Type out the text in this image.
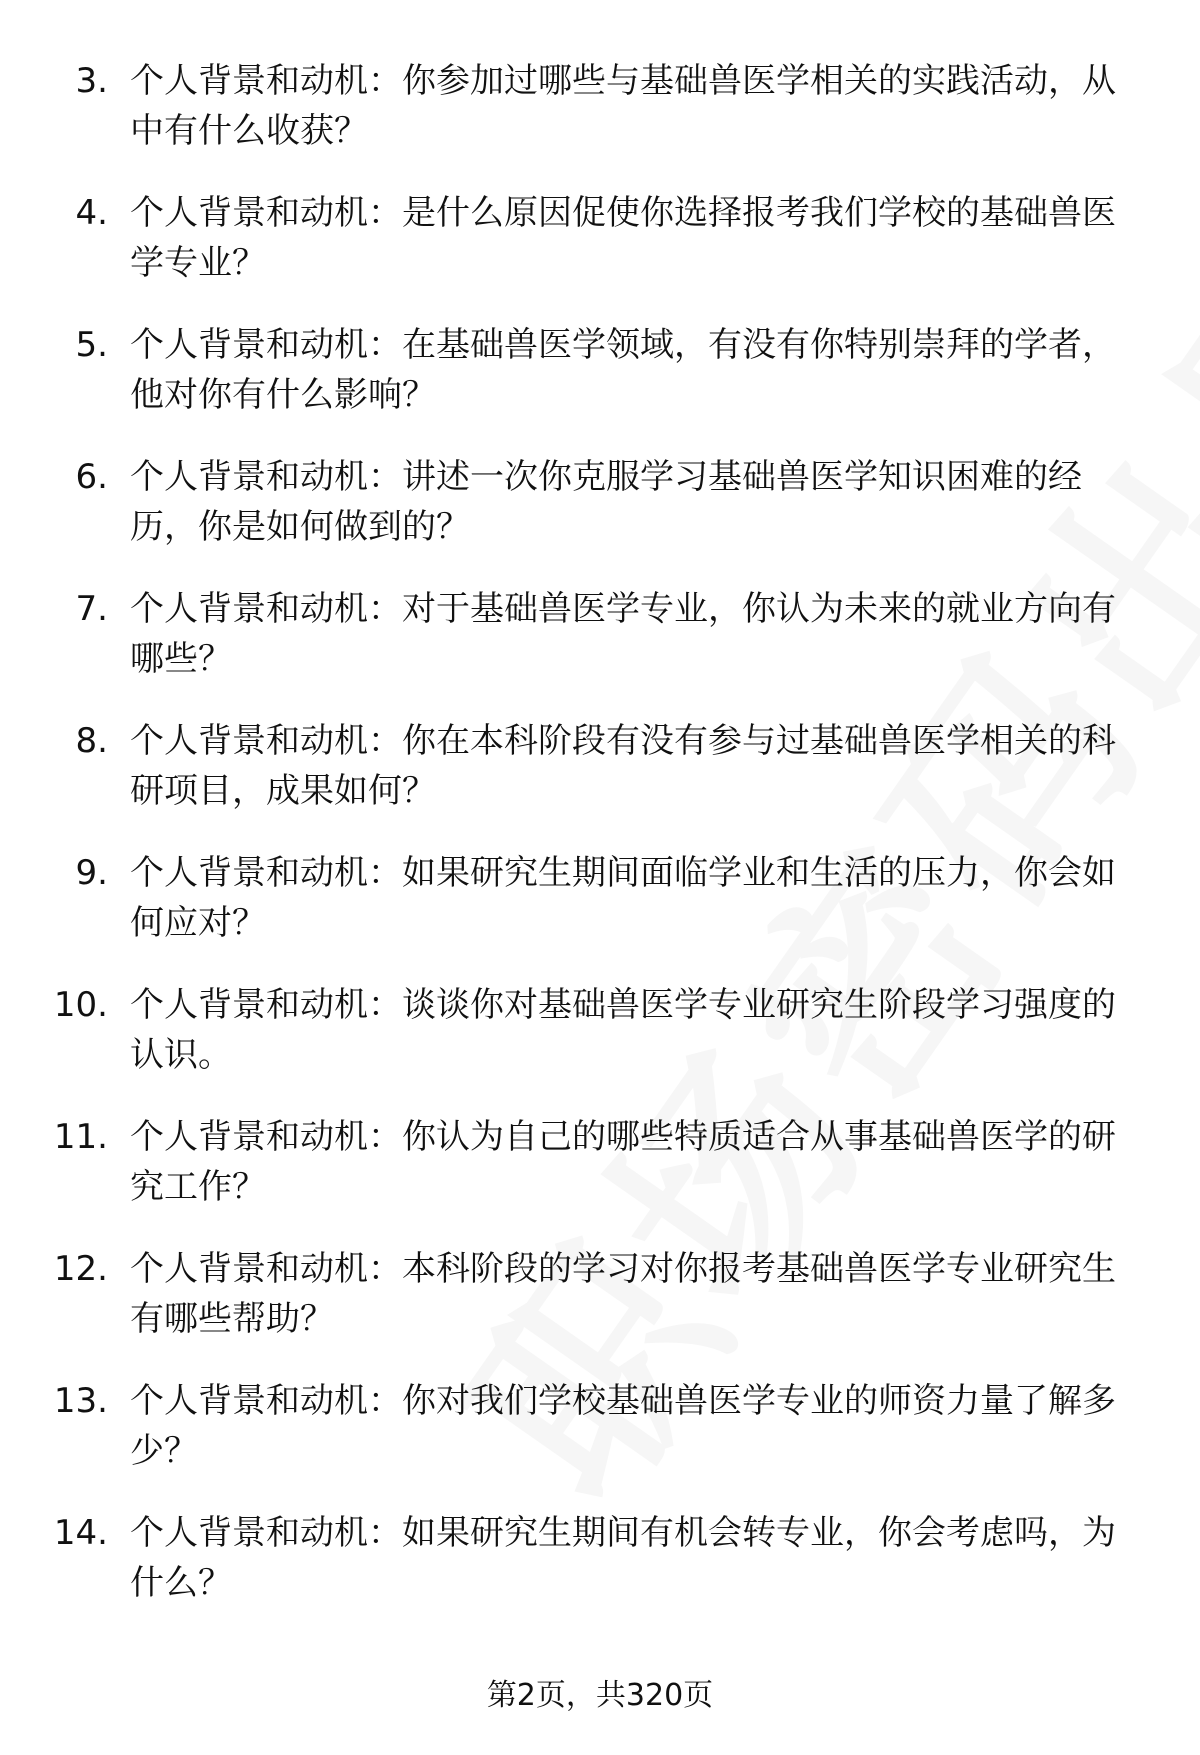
3. 个人背景和动机：你参加过哪些与基础兽医学相关的实践活动，从中有什么收获？
4. 个人背景和动机：是什么原因促使你选择报考我们学校的基础兽医学专业？
5. 个人背景和动机：在基础兽医学领域，有没有你特别崇拜的学者，他对你有什么影响？
6. 个人背景和动机：讲述一次你克服学习基础兽医学知识困难的经历，你是如何做到的？
7. 个人背景和动机：对于基础兽医学专业，你认为未来的就业方向有哪些？
8. 个人背景和动机：你在本科阶段有没有参与过基础兽医学相关的科研项目，成果如何？
9. 个人背景和动机：如果研究生期间面临学业和生活的压力，你会如何应对？
10. 个人背景和动机：谈谈你对基础兽医学专业研究生阶段学习强度的认识。
11. 个人背景和动机：你认为自己的哪些特质适合从事基础兽医学的研究工作？
12. 个人背景和动机：本科阶段的学习对你报考基础兽医学专业研究生有哪些帮助？
13. 个人背景和动机：你对我们学校基础兽医学专业的师资力量了解多少？
14. 个人背景和动机：如果研究生期间有机会转专业，你会考虑吗，为什么？
第2页，共320页
